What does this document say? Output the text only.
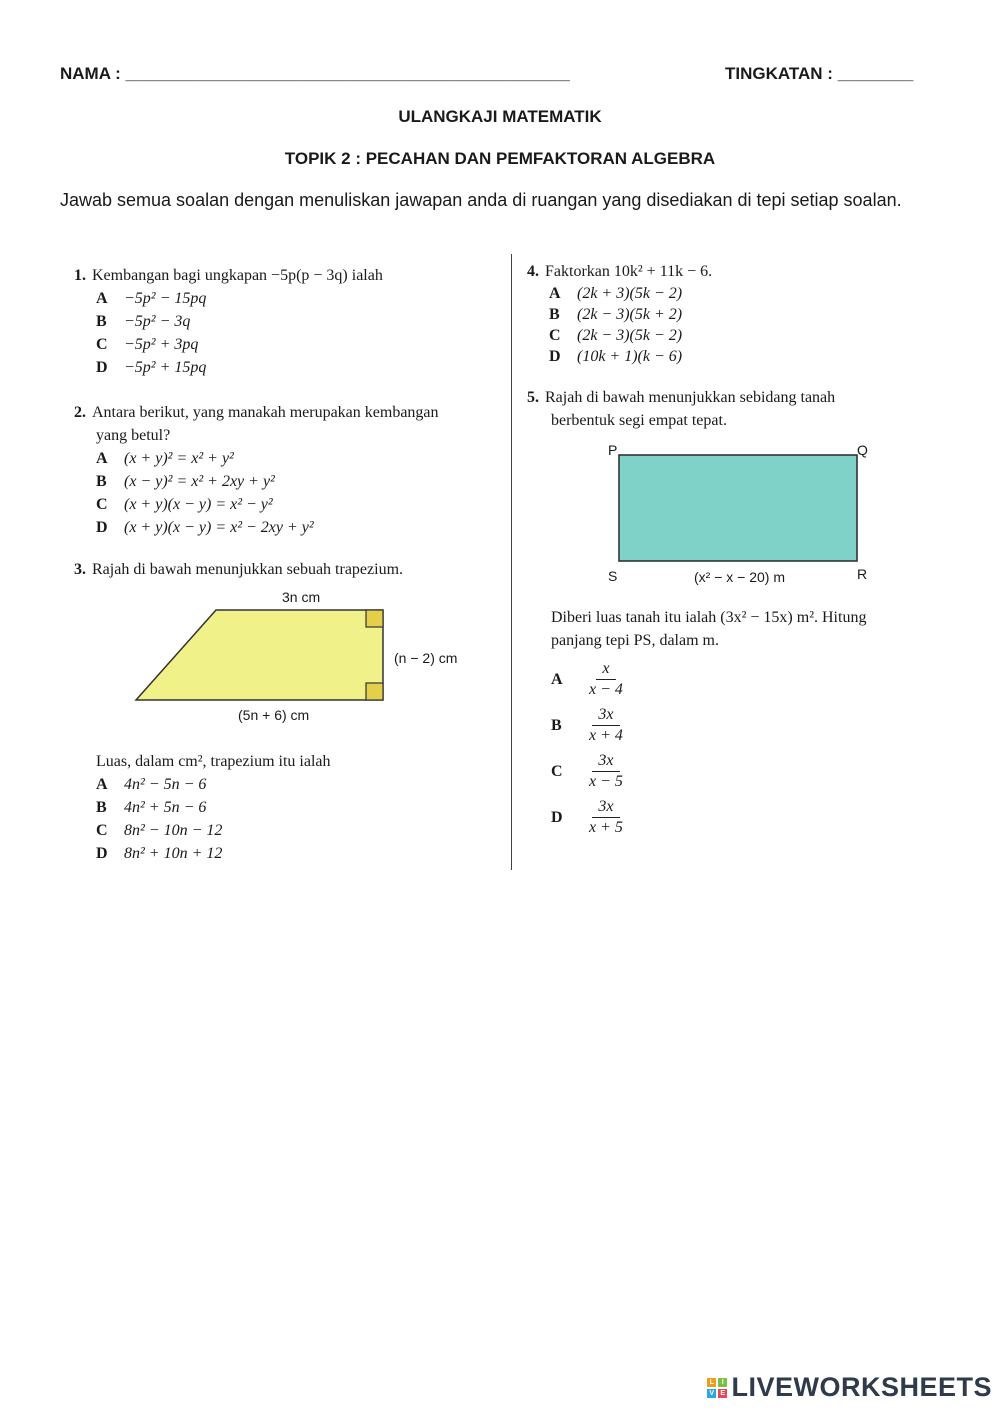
NAMA : _______________________________________________	TINGKATAN : ________
ULANGKAJI MATEMATIK
TOPIK 2 : PECAHAN DAN PEMFAKTORAN ALGEBRA
Jawab semua soalan dengan menuliskan jawapan anda di ruangan yang disediakan di tepi setiap soalan.
1. Kembangan bagi ungkapan −5p(p − 3q) ialah
A	−5p² − 15pq
B	−5p² − 3q
C	−5p² + 3pq
D	−5p² + 15pq
2. Antara berikut, yang manakah merupakan kembangan
yang betul?
A	(x + y)² = x² + y²
B	(x − y)² = x² + 2xy + y²
C	(x + y)(x − y) = x² − y²
D	(x + y)(x − y) = x² − 2xy + y²
3. Rajah di bawah menunjukkan sebuah trapezium.
3n cm
(n − 2) cm
(5n + 6) cm
Luas, dalam cm², trapezium itu ialah
A	4n² − 5n − 6
B	4n² + 5n − 6
C	8n² − 10n − 12
D	8n² + 10n + 12
4. Faktorkan 10k² + 11k − 6.
A	(2k + 3)(5k − 2)
B	(2k − 3)(5k + 2)
C	(2k − 3)(5k − 2)
D	(10k + 1)(k − 6)
5. Rajah di bawah menunjukkan sebidang tanah
berbentuk segi empat tepat.
P	Q
S	R
(x² − x − 20) m
Diberi luas tanah itu ialah (3x² − 15x) m². Hitung
panjang tepi PS, dalam m.
A	$\frac{x}{x - 4}$
B	$\frac{3x}{x + 4}$
C	$\frac{3x}{x - 5}$
D	$\frac{3x}{x + 5}$
L	I
V E LIVEWORKSHEETS
